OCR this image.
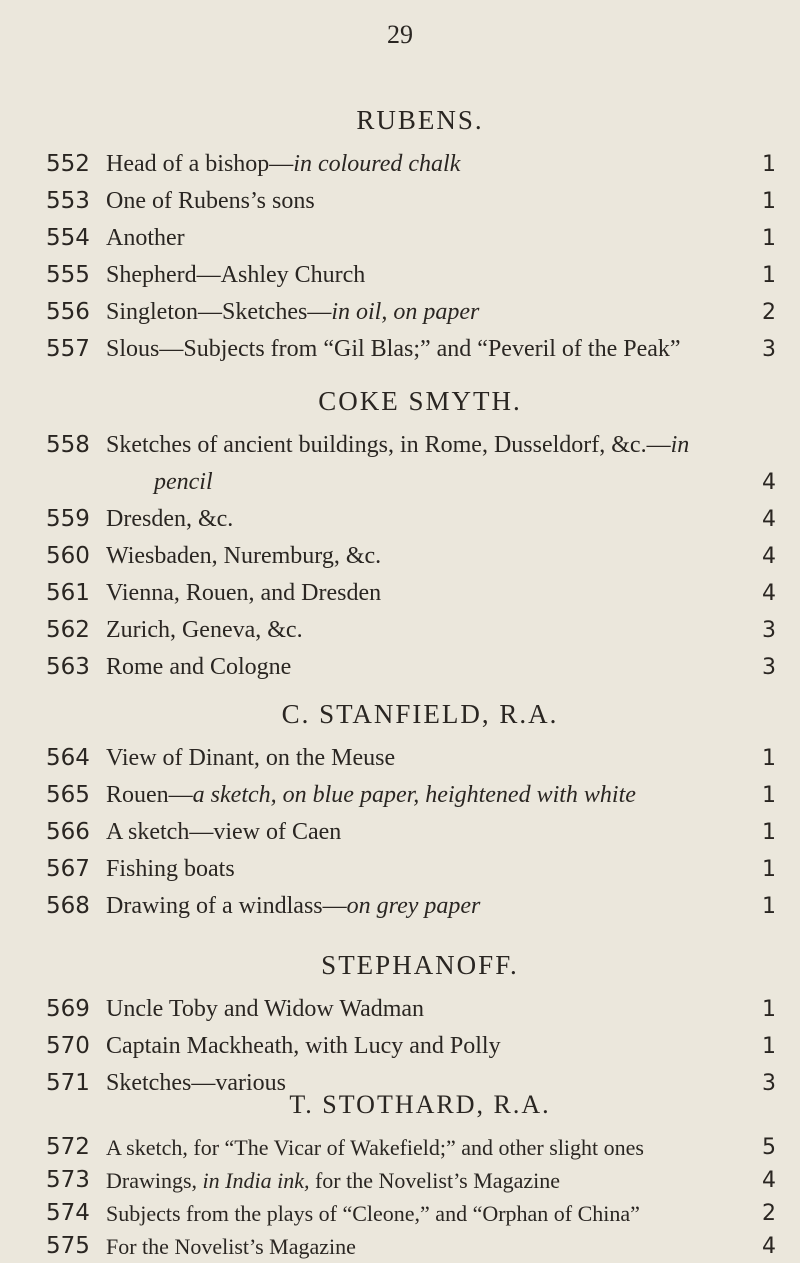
29
RUBENS.
552 Head of a bishop—in coloured chalk	1
553 One of Rubens’s sons	1
554 Another	1
555 Shepherd—Ashley Church	1
556 Singleton—Sketches—in oil, on paper	2
557 Slous—Subjects from “Gil Blas;” and “Peveril of the Peak”	3
COKE SMYTH.
558 Sketches of ancient buildings, in Rome, Dusseldorf, &c.—in
pencil	4
559 Dresden, &c.	4
560 Wiesbaden, Nuremburg, &c.	4
561 Vienna, Rouen, and Dresden	4
562 Zurich, Geneva, &c.	3
563 Rome and Cologne	3
C. STANFIELD, R.A.
564 View of Dinant, on the Meuse	1
565 Rouen—a sketch, on blue paper, heightened with white	1
566 A sketch—view of Caen	1
567 Fishing boats	1
568 Drawing of a windlass—on grey paper	1
STEPHANOFF.
569 Uncle Toby and Widow Wadman	1
570 Captain Mackheath, with Lucy and Polly	1
571 Sketches—various	3
T. STOTHARD, R.A.
572 A sketch, for “The Vicar of Wakefield;” and other slight ones	5
573 Drawings, in India ink, for the Novelist’s Magazine	4
574 Subjects from the plays of “Cleone,” and “Orphan of China”	2
575 For the Novelist’s Magazine	4
